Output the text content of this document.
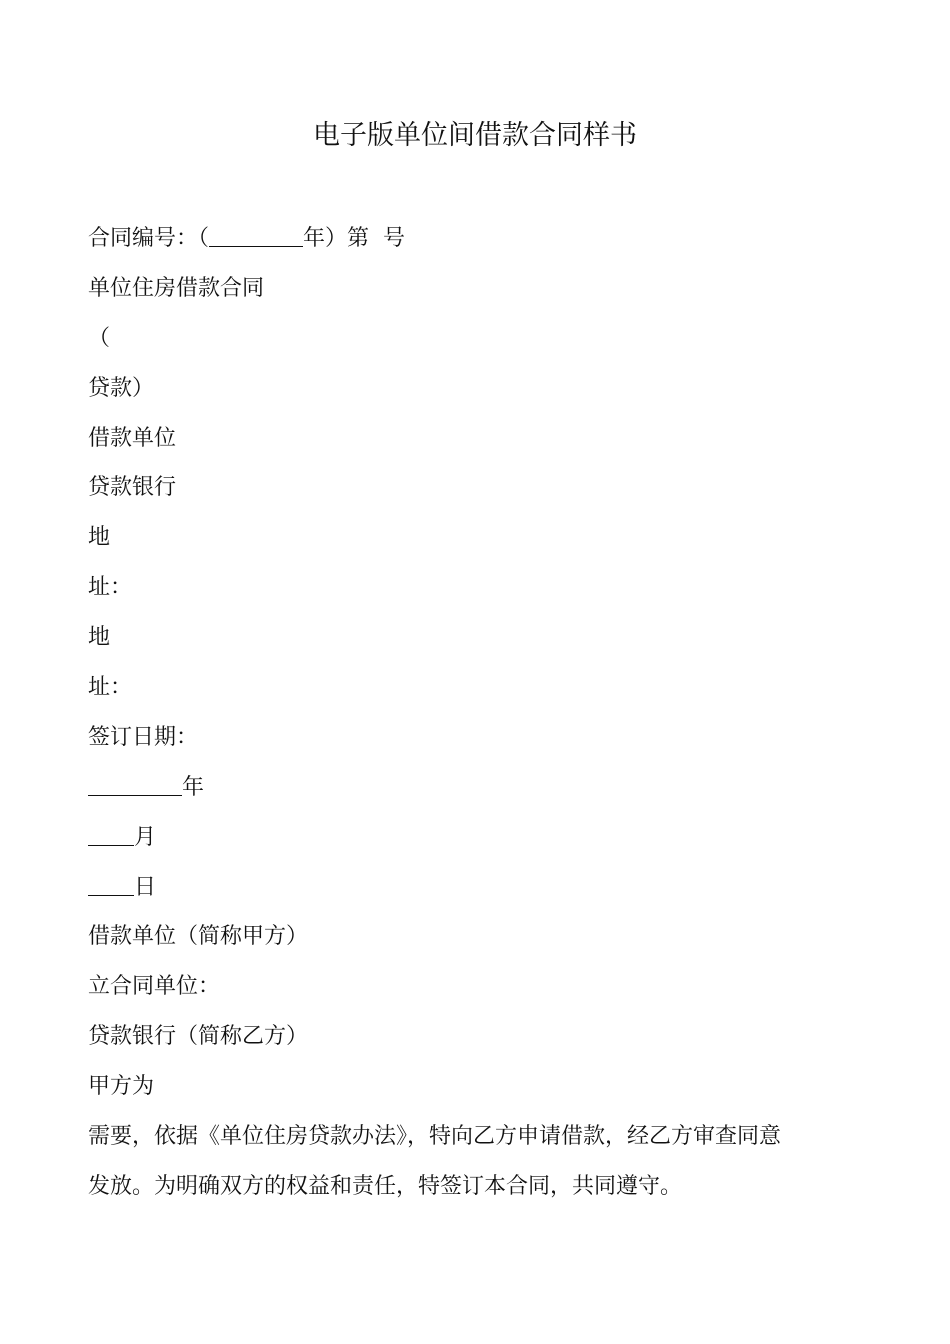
电子版单位间借款合同样书
合同编号：（	年）第 号
单位住房借款合同
（
贷款）
借款单位
贷款银行
地
址：
地
址：
签订日期：
年
月
日
借款单位（简称甲方）
立合同单位：
贷款银行（简称乙方）
甲方为
需要，依据《单位住房贷款办法》，特向乙方申请借款，经乙方审查同意
发放。为明确双方的权益和责任，特签订本合同，共同遵守。
